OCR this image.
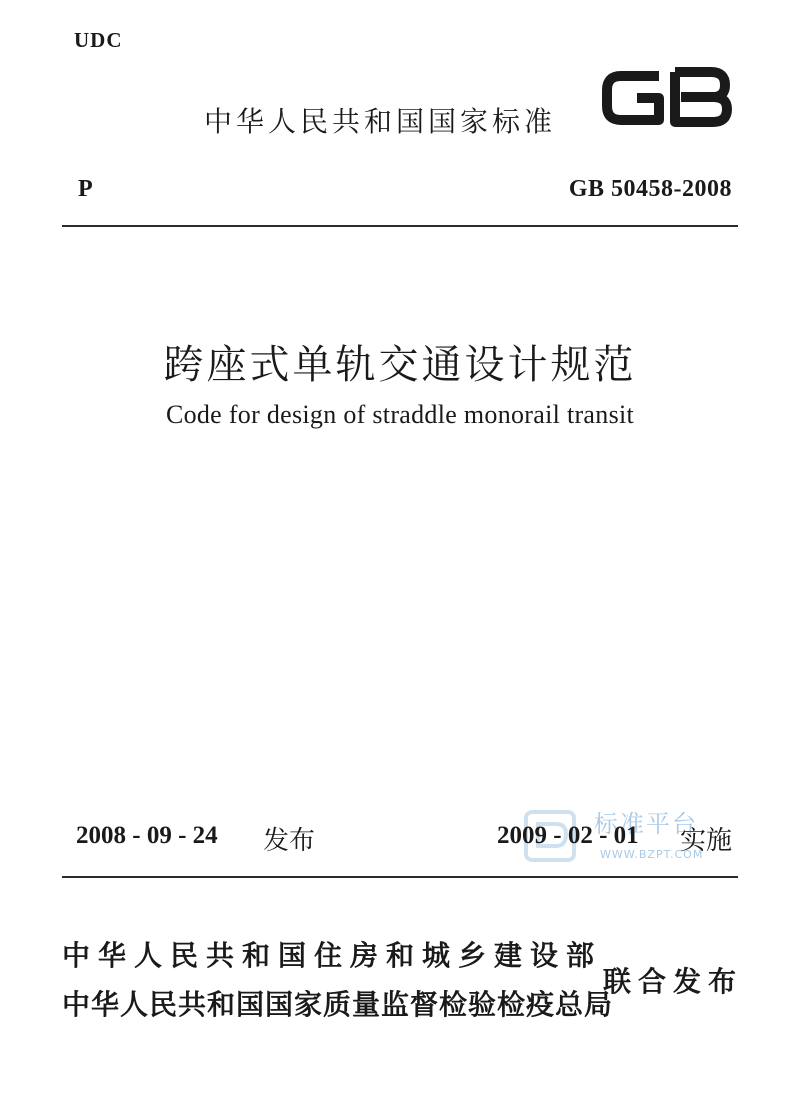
UDC
中华人民共和国国家标准
P	GB 50458-2008
跨座式单轨交通设计规范
Code for design of straddle monorail transit
标准平台
WWW.BZPT.COM
2008 - 09 - 24 发布	2009 - 02 - 01 实施
中华人民共和国住房和城乡建设部
中华人民共和国国家质量监督检验检疫总局
联合发布
